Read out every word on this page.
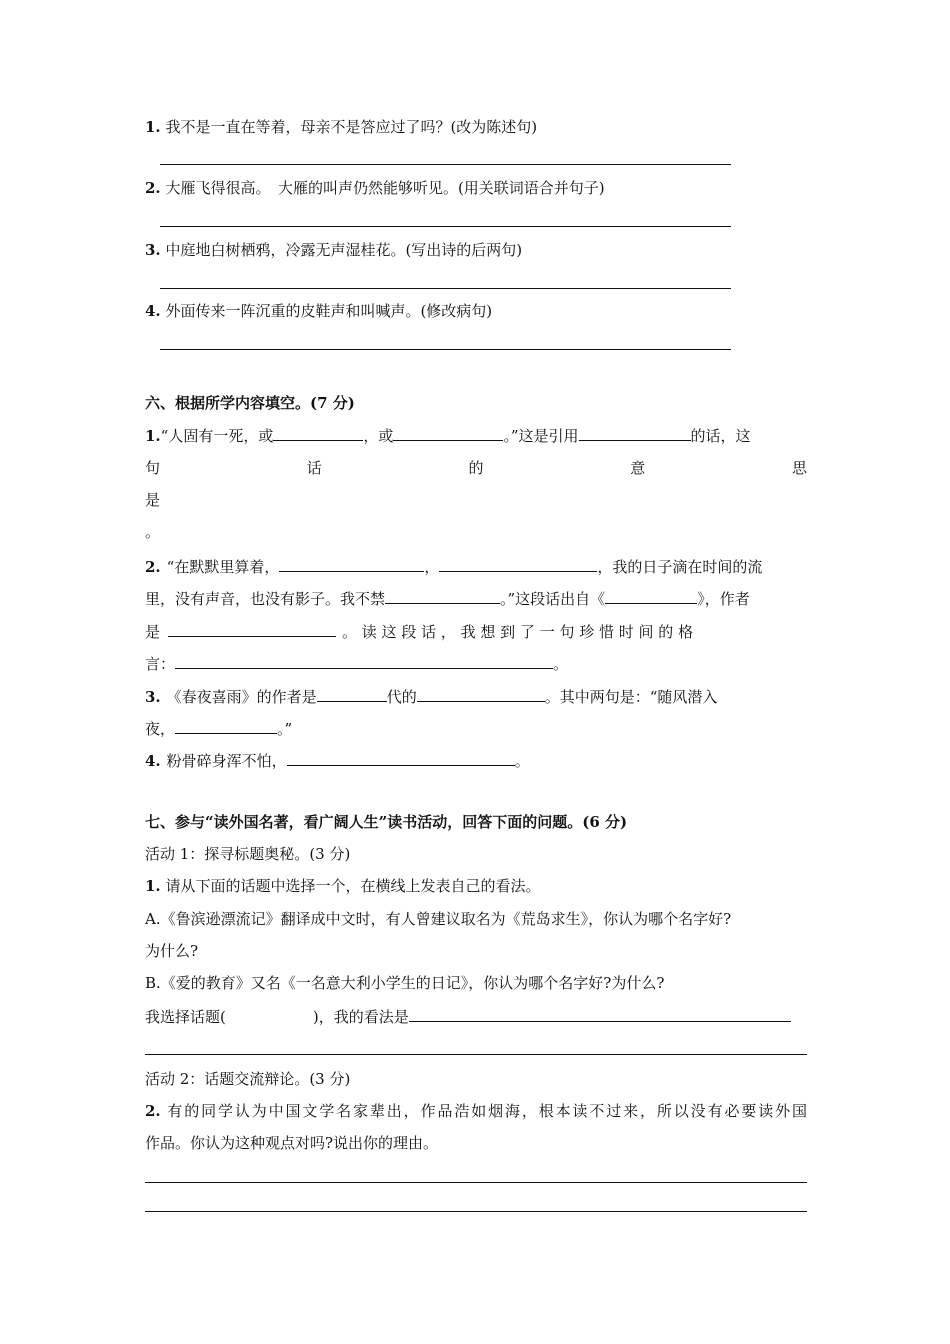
1. 我不是一直在等着，母亲不是答应过了吗？(改为陈述句)
2. 大雁飞得很高。　大雁的叫声仍然能够听见。(用关联词语合并句子)
3. 中庭地白树栖鸦，冷露无声湿桂花。(写出诗的后两句)
4. 外面传来一阵沉重的皮鞋声和叫喊声。(修改病句)
六、根据所学内容填空。(7 分)
1.“人固有一死，或	，或	。”这是引用	的话，这
句	话	的	意	思
是
。
2. “在默默里算着，	，	，我的日子滴在时间的流
里，没有声音，也没有影子。我不禁	。”这段话出自《	》，作者
是	。 读 这 段 话 ， 我 想 到 了 一 句 珍 惜 时 间 的 格
言：	。
3. 《春夜喜雨》的作者是	代的	。其中两句是：“随风潜入
夜，	。”
4. 粉骨碎身浑不怕，	。
七、参与“读外国名著，看广阔人生”读书活动，回答下面的问题。(6 分)
活动 1：探寻标题奥秘。(3 分)
1. 请从下面的话题中选择一个，在横线上发表自己的看法。
A.《鲁滨逊漂流记》翻译成中文时，有人曾建议取名为《荒岛求生》，你认为哪个名字好?
为什么?
B.《爱的教育》又名《一名意大利小学生的日记》，你认为哪个名字好?为什么?
我选择话题(	)，我的看法是
活动 2：话题交流辩论。(3 分)
2. 有的同学认为中国文学名家辈出，作品浩如烟海，根本读不过来，所以没有必要读外国
作品。你认为这种观点对吗?说出你的理由。
